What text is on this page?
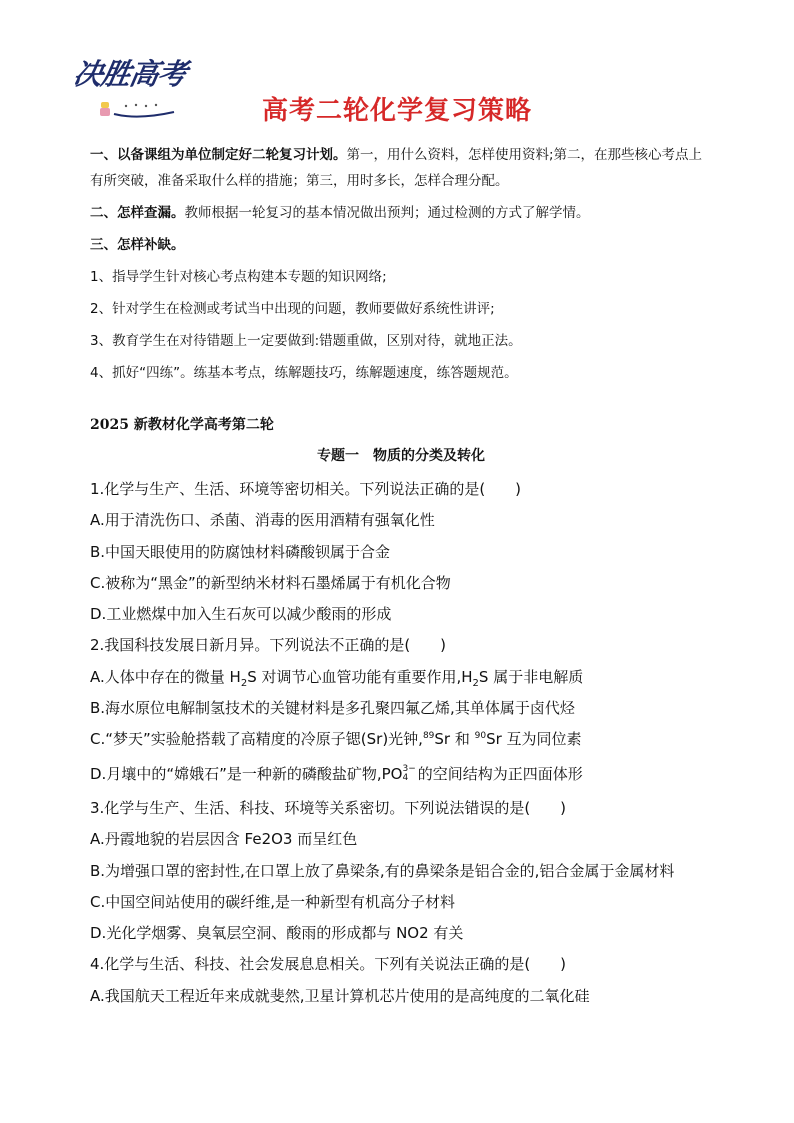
决胜高考
高考二轮化学复习策略

一、以备课组为单位制定好二轮复习计划。第一，用什么资料，怎样使用资料;第二，在那些核心考点上有所突破，准备采取什么样的措施；第三，用时多长，怎样合理分配。

二、怎样查漏。教师根据一轮复习的基本情况做出预判；通过检测的方式了解学情。

三、怎样补缺。

1、指导学生针对核心考点构建本专题的知识网络;

2、针对学生在检测或考试当中出现的问题，教师要做好系统性讲评;

3、教育学生在对待错题上一定要做到:错题重做，区别对待，就地正法。

4、抓好“四练”。练基本考点，练解题技巧，练解题速度，练答题规范。

2025 新教材化学高考第二轮
专题一　物质的分类及转化

1.化学与生产、生活、环境等密切相关。下列说法正确的是(　　)

A.用于清洗伤口、杀菌、消毒的医用酒精有强氧化性

B.中国天眼使用的防腐蚀材料磷酸钡属于合金

C.被称为“黑金”的新型纳米材料石墨烯属于有机化合物

D.工业燃煤中加入生石灰可以减少酸雨的形成

2.我国科技发展日新月异。下列说法不正确的是(　　)

A.人体中存在的微量 $H_2S$ 对调节心血管功能有重要作用$,H_2S$ 属于非电解质

B.海水原位电解制氢技术的关键材料是多孔聚四氟乙烯,其单体属于卤代烃

C.“梦天”实验舱搭载了高精度的冷原子锶(Sr)光钟,$^{89}$Sr 和 $^{90}$Sr 互为同位素

D.月壤中的“嫦娥石”是一种新的磷酸盐矿物,PO 3−
4 的空间结构为正四面体形

3.化学与生产、生活、科技、环境等关系密切。下列说法错误的是(　　)

A.丹霞地貌的岩层因含 Fe2O3 而呈红色

B.为增强口罩的密封性,在口罩上放了鼻梁条,有的鼻梁条是铝合金的,铝合金属于金属材料

C.中国空间站使用的碳纤维,是一种新型有机高分子材料

D.光化学烟雾、臭氧层空洞、酸雨的形成都与 NO2 有关

4.化学与生活、科技、社会发展息息相关。下列有关说法正确的是(　　)

A.我国航天工程近年来成就斐然,卫星计算机芯片使用的是高纯度的二氧化硅
